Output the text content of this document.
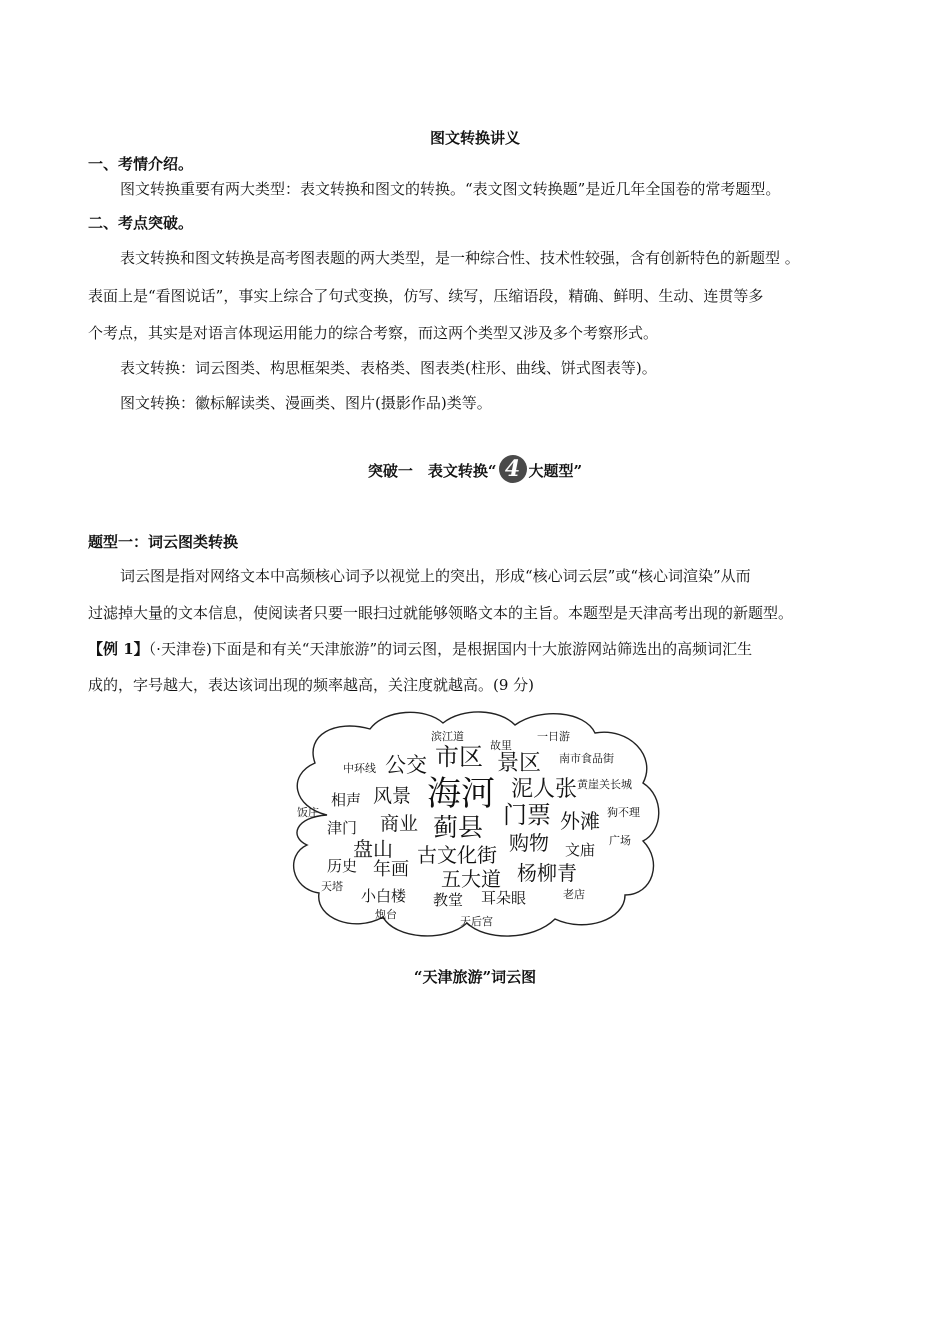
图文转换讲义
一、考情介绍。
图文转换重要有两大类型：表文转换和图文的转换。“表文图文转换题”是近几年全国卷的常考题型。
二、考点突破。
表文转换和图文转换是高考图表题的两大类型，是一种综合性、技术性较强，含有创新特色的新题型 。
表面上是“看图说话”，事实上综合了句式变换，仿写、续写，压缩语段，精确、鲜明、生动、连贯等多
个考点，其实是对语言体现运用能力的综合考察，而这两个类型又涉及多个考察形式。
表文转换：词云图类、构思框架类、表格类、图表类(柱形、曲线、饼式图表等)。
图文转换：徽标解读类、漫画类、图片(摄影作品)类等。
突破一　表文转换“ 4 大题型”
题型一：词云图类转换
词云图是指对网络文本中高频核心词予以视觉上的突出，形成“核心词云层”或“核心词渲染”从而
过滤掉大量的文本信息，使阅读者只要一眼扫过就能够领略文本的主旨。本题型是天津高考出现的新题型。
【例 1】（·天津卷)下面是和有关“天津旅游”的词云图，是根据国内十大旅游网站筛选出的高频词汇生
成的，字号越大，表达该词出现的频率越高，关注度就越高。(9 分)
滨江道
故里
一日游
中环线 公交 市区 景区 南市食品街
相声 风景 海河 泥人张 黄崖关长城
饭庄	门票	狗不理
津门 商业 蓟县	外滩
广场
盘山 古文化街 购物 文庙
历史 年画 五大道 杨柳青
天塔
小白楼 教堂 耳朵眼	老店
炮台
天后宫
“天津旅游”词云图
